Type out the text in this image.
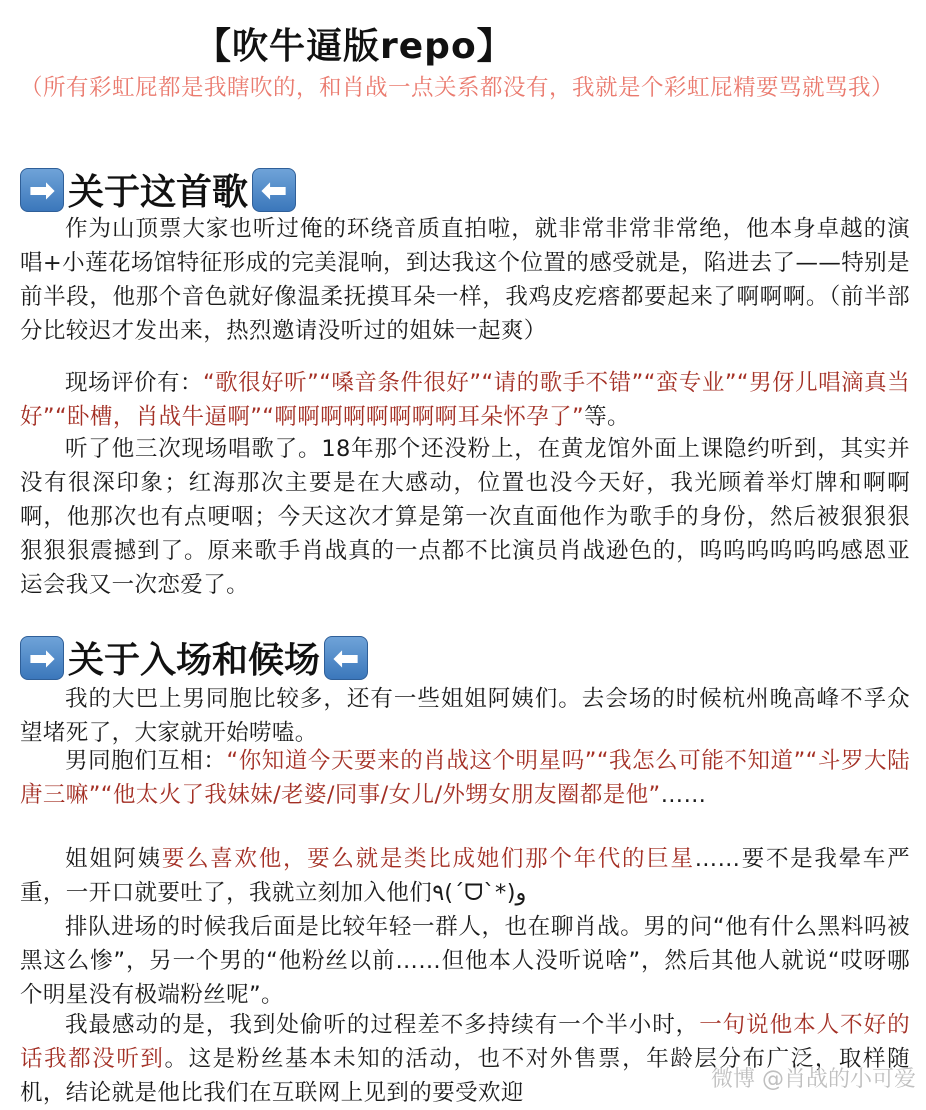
【吹牛逼版repo】
（所有彩虹屁都是我瞎吹的，和肖战一点关系都没有，我就是个彩虹屁精要骂就骂我）
➡ 关于这首歌 ⬅
作为山顶票大家也听过俺的环绕音质直拍啦，就非常非常非常绝，他本身卓越的演唱+小莲花场馆特征形成的完美混响，到达我这个位置的感受就是，陷进去了——特别是前半段，他那个音色就好像温柔抚摸耳朵一样，我鸡皮疙瘩都要起来了啊啊啊。（前半部分比较迟才发出来，热烈邀请没听过的姐妹一起爽）
现场评价有：“歌很好听”“嗓音条件很好”“请的歌手不错”“蛮专业”“男伢儿唱滴真当好”“卧槽，肖战牛逼啊”“啊啊啊啊啊啊啊啊耳朵怀孕了”等。
听了他三次现场唱歌了。18年那个还没粉上，在黄龙馆外面上课隐约听到，其实并没有很深印象；红海那次主要是在大感动，位置也没今天好，我光顾着举灯牌和啊啊啊，他那次也有点哽咽；今天这次才算是第一次直面他作为歌手的身份，然后被狠狠狠狠狠狠震撼到了。原来歌手肖战真的一点都不比演员肖战逊色的，呜呜呜呜呜呜感恩亚运会我又一次恋爱了。
➡ 关于入场和候场 ⬅
我的大巴上男同胞比较多，还有一些姐姐阿姨们。去会场的时候杭州晚高峰不孚众望堵死了，大家就开始唠嗑。
男同胞们互相：“你知道今天要来的肖战这个明星吗”“我怎么可能不知道”“斗罗大陆唐三嘛”“他太火了我妹妹/老婆/同事/女儿/外甥女朋友圈都是他”……
姐姐阿姨要么喜欢他，要么就是类比成她们那个年代的巨星……要不是我晕车严重，一开口就要吐了，我就立刻加入他们٩(ˊᗜˋ*)و
排队进场的时候我后面是比较年轻一群人，也在聊肖战。男的问“他有什么黑料吗被黑这么惨”，另一个男的“他粉丝以前……但他本人没听说啥”，然后其他人就说“哎呀哪个明星没有极端粉丝呢”。
我最感动的是，我到处偷听的过程差不多持续有一个半小时，一句说他本人不好的话我都没听到。这是粉丝基本未知的活动，也不对外售票，年龄层分布广泛，取样随机，结论就是他比我们在互联网上见到的要受欢迎
微博 @肖战的小可爱
